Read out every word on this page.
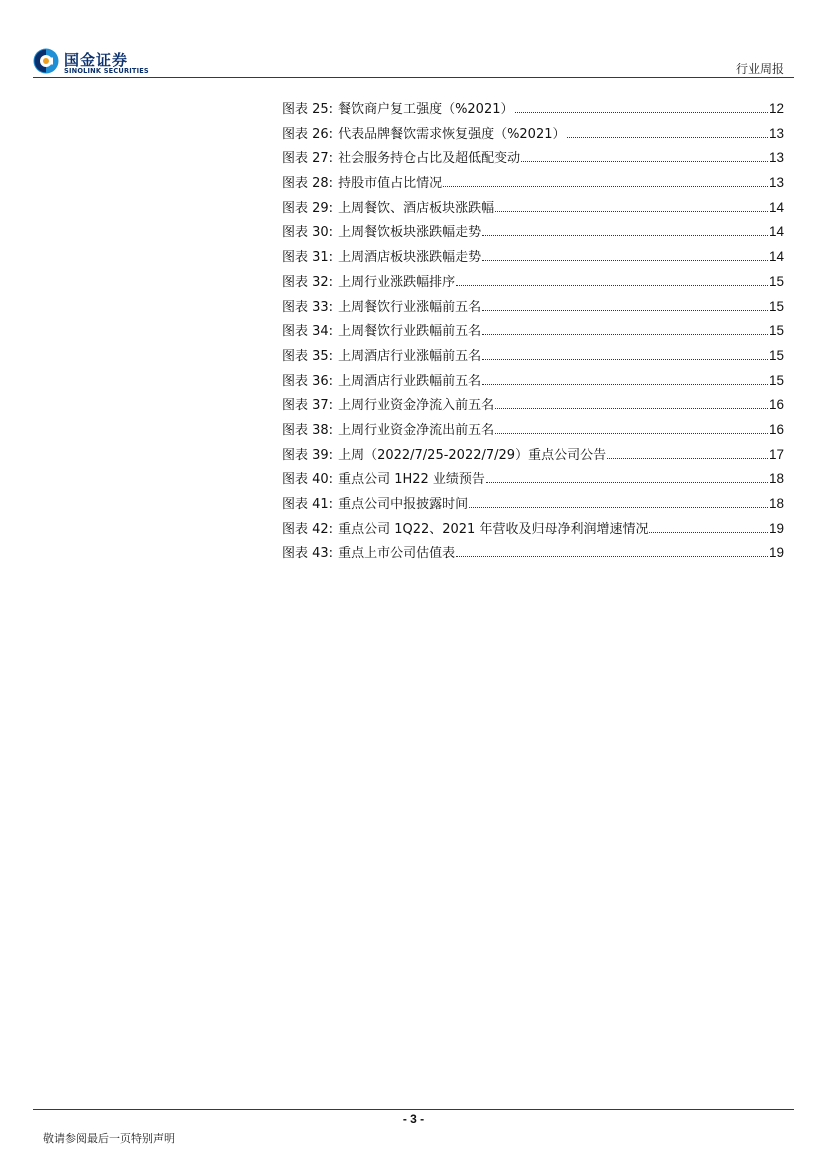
国金证券
SINOLINK SECURITIES	行业周报
图表 25: 餐饮商户复工强度（%2021）	12
图表 26: 代表品牌餐饮需求恢复强度（%2021）	13
图表 27: 社会服务持仓占比及超低配变动	13
图表 28: 持股市值占比情况	13
图表 29: 上周餐饮、酒店板块涨跌幅	14
图表 30: 上周餐饮板块涨跌幅走势	14
图表 31: 上周酒店板块涨跌幅走势	14
图表 32: 上周行业涨跌幅排序	15
图表 33: 上周餐饮行业涨幅前五名	15
图表 34: 上周餐饮行业跌幅前五名	15
图表 35: 上周酒店行业涨幅前五名	15
图表 36: 上周酒店行业跌幅前五名	15
图表 37: 上周行业资金净流入前五名	16
图表 38: 上周行业资金净流出前五名	16
图表 39: 上周（2022/7/25-2022/7/29）重点公司公告	17
图表 40: 重点公司 1H22 业绩预告	18
图表 41: 重点公司中报披露时间	18
图表 42: 重点公司 1Q22、2021 年营收及归母净利润增速情况	19
图表 43: 重点上市公司估值表	19
- 3 -
敬请参阅最后一页特别声明
